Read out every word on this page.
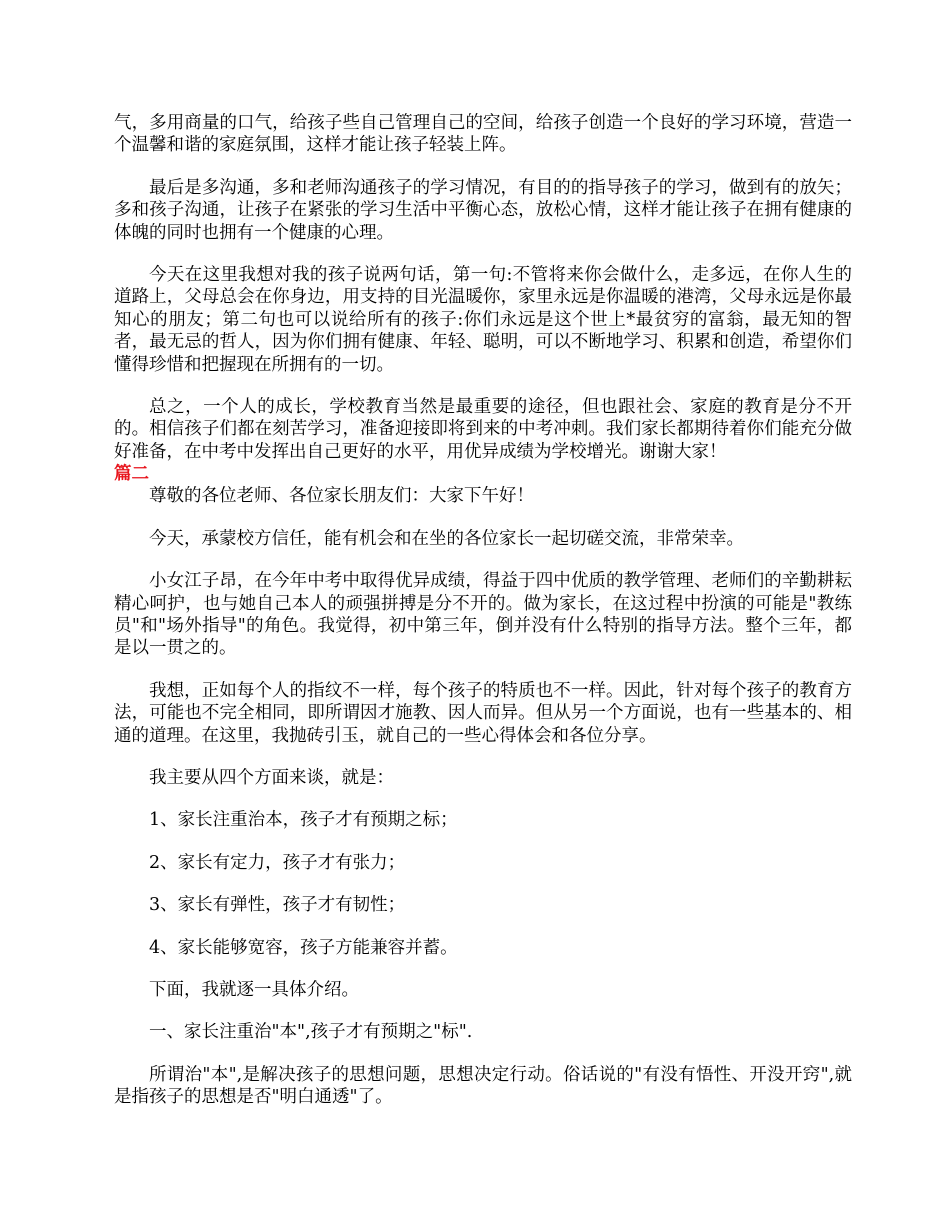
气，多用商量的口气，给孩子些自己管理自己的空间，给孩子创造一个良好的学习环境，营造一个温馨和谐的家庭氛围，这样才能让孩子轻装上阵。

最后是多沟通，多和老师沟通孩子的学习情况，有目的的指导孩子的学习，做到有的放矢；多和孩子沟通，让孩子在紧张的学习生活中平衡心态，放松心情，这样才能让孩子在拥有健康的体魄的同时也拥有一个健康的心理。

今天在这里我想对我的孩子说两句话，第一句:不管将来你会做什么，走多远，在你人生的道路上，父母总会在你身边，用支持的目光温暖你，家里永远是你温暖的港湾，父母永远是你最知心的朋友；第二句也可以说给所有的孩子:你们永远是这个世上*最贫穷的富翁，最无知的智者，最无忌的哲人，因为你们拥有健康、年轻、聪明，可以不断地学习、积累和创造，希望你们懂得珍惜和把握现在所拥有的一切。

总之，一个人的成长，学校教育当然是最重要的途径，但也跟社会、家庭的教育是分不开的。相信孩子们都在刻苦学习，准备迎接即将到来的中考冲刺。我们家长都期待着你们能充分做好准备，在中考中发挥出自己更好的水平，用优异成绩为学校增光。谢谢大家！

篇二

尊敬的各位老师、各位家长朋友们：大家下午好！

今天，承蒙校方信任，能有机会和在坐的各位家长一起切磋交流，非常荣幸。

小女江子昂，在今年中考中取得优异成绩，得益于四中优质的教学管理、老师们的辛勤耕耘精心呵护，也与她自己本人的顽强拼搏是分不开的。做为家长，在这过程中扮演的可能是"教练员"和"场外指导"的角色。我觉得，初中第三年，倒并没有什么特别的指导方法。整个三年，都是以一贯之的。

我想，正如每个人的指纹不一样，每个孩子的特质也不一样。因此，针对每个孩子的教育方法，可能也不完全相同，即所谓因才施教、因人而异。但从另一个方面说，也有一些基本的、相通的道理。在这里，我抛砖引玉，就自己的一些心得体会和各位分享。

我主要从四个方面来谈，就是：

1、家长注重治本，孩子才有预期之标；

2、家长有定力，孩子才有张力；

3、家长有弹性，孩子才有韧性；

4、家长能够宽容，孩子方能兼容并蓄。

下面，我就逐一具体介绍。

一、家长注重治"本",孩子才有预期之"标".

所谓治"本",是解决孩子的思想问题，思想决定行动。俗话说的"有没有悟性、开没开窍",就是指孩子的思想是否"明白通透"了。
